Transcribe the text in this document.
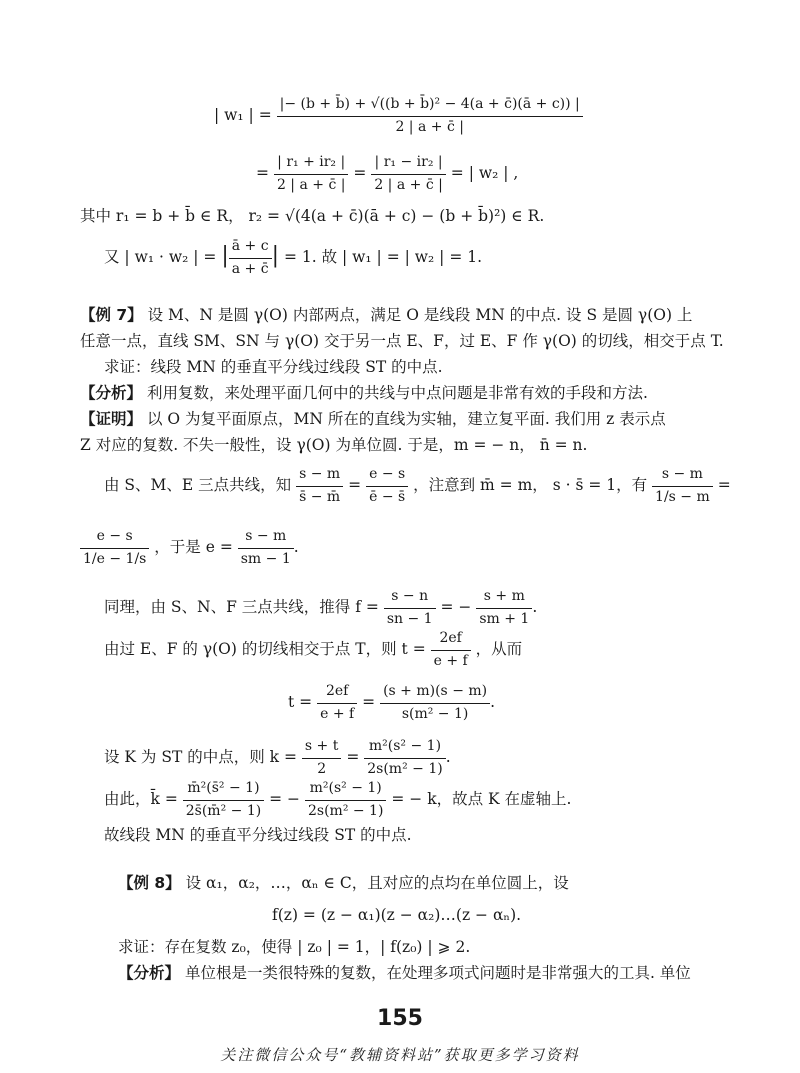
| w₁ | = $\frac{\text{|− (b + b̄) + √((b + b̄)² − 4(a + c̄)(ā + c)) |}}{2 | a + c̄ |}$
= $\frac{\text{| r₁ + ir₂ |}}{2 | a + c̄ |} = \frac{\text{| r₁ − ir₂ |}}{2 | a + c̄ |}$ = | w₂ | ,
其中 r₁ = b + b̄ ∈ R， r₂ = √(4(a + c̄)(ā + c) − (b + b̄)²) ∈ R.
又 | w₁ · w₂ | = | $\frac{ā + c}{a + c̄}$ | = 1. 故 | w₁ | = | w₂ | = 1.
【例 7】 设 M、N 是圆 γ(O) 内部两点，满足 O 是线段 MN 的中点. 设 S 是圆 γ(O) 上
任意一点，直线 SM、SN 与 γ(O) 交于另一点 E、F，过 E、F 作 γ(O) 的切线，相交于点 T.
求证：线段 MN 的垂直平分线过线段 ST 的中点.
【分析】 利用复数，来处理平面几何中的共线与中点问题是非常有效的手段和方法.
【证明】 以 O 为复平面原点，MN 所在的直线为实轴，建立复平面. 我们用 z 表示点
Z 对应的复数. 不失一般性，设 γ(O) 为单位圆. 于是，m = − n， n̄ = n.
由 S、M、E 三点共线，知 $\frac{s - m}{s̄ - m̄} = \frac{e - s}{ē - s̄}$ ，注意到 m̄ = m， s · s̄ = 1，有 $\frac{s - m}{1/s - m}$ =
$\frac{e - s}{1/e - 1/s}$ ，于是 $e = \frac{s - m}{sm - 1}$ .
同理，由 S、N、F 三点共线，推得 $f = \frac{s - n}{sn - 1}$ = − $\frac{s + m}{sm + 1}$ .
由过 E、F 的 γ(O) 的切线相交于点 T，则 $t = \frac{2ef}{e + f}$ ，从而
$t = \frac{2ef}{e + f} = \frac{(s + m)(s - m)}{\text{s(m² − 1)}}$ .
设 K 为 ST 的中点，则 $k = \frac{s + t}{2} = \frac{\text{m²(s² − 1)}}{\text{2s(m² − 1)}}$ .
由此，k̄ = $\frac{\text{m̄²(s̄² − 1)}}{\text{2s̄(m̄² − 1)}}$ = − $\frac{\text{m²(s² − 1)}}{\text{2s(m² − 1)}}$ = − k，故点 K 在虚轴上.
故线段 MN 的垂直平分线过线段 ST 的中点.
【例 8】 设 α₁，α₂，…，αₙ ∈ C，且对应的点均在单位圆上，设
f(z) = (z − α₁)(z − α₂)…(z − αₙ).
求证：存在复数 z₀，使得 | z₀ | = 1，| f(z₀) | ⩾ 2.
【分析】 单位根是一类很特殊的复数，在处理多项式问题时是非常强大的工具. 单位
155
关注微信公众号“教辅资料站”获取更多学习资料
